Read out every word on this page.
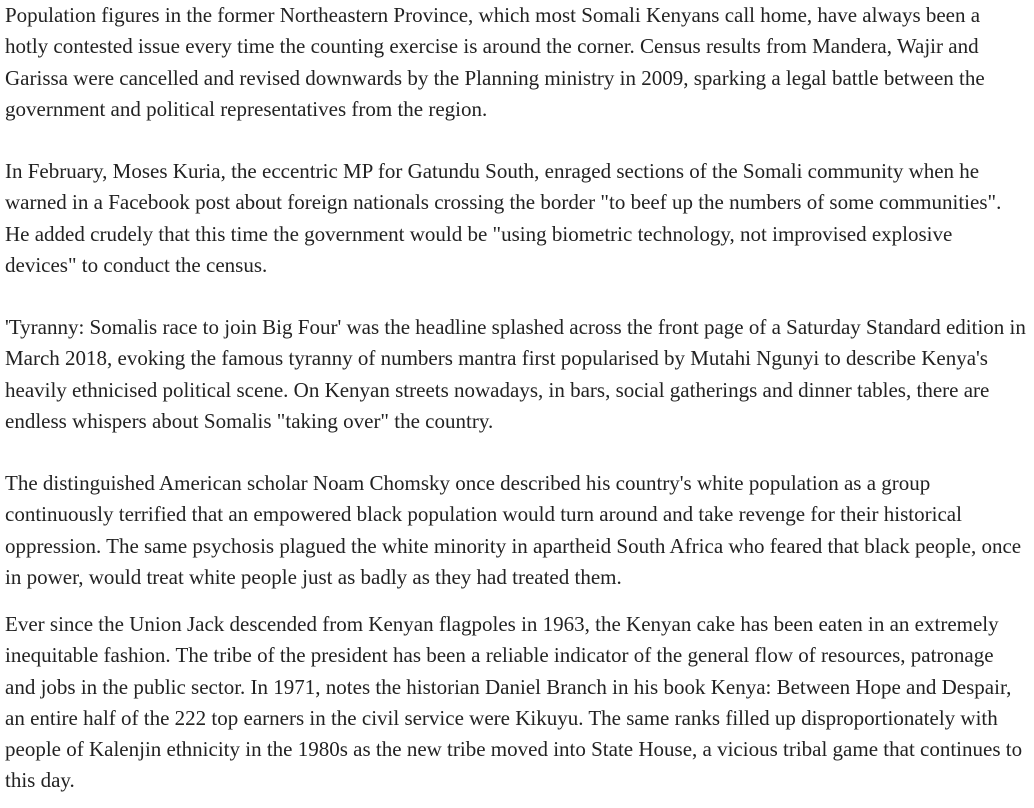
Population figures in the former Northeastern Province, which most Somali Kenyans call home, have always been a hotly contested issue every time the counting exercise is around the corner. Census results from Mandera, Wajir and Garissa were cancelled and revised downwards by the Planning ministry in 2009, sparking a legal battle between the government and political representatives from the region.

In February, Moses Kuria, the eccentric MP for Gatundu South, enraged sections of the Somali community when he warned in a Facebook post about foreign nationals crossing the border "to beef up the numbers of some communities". He added crudely that this time the government would be "using biometric technology, not improvised explosive devices" to conduct the census.

'Tyranny: Somalis race to join Big Four' was the headline splashed across the front page of a Saturday Standard edition in March 2018, evoking the famous tyranny of numbers mantra first popularised by Mutahi Ngunyi to describe Kenya's heavily ethnicised political scene. On Kenyan streets nowadays, in bars, social gatherings and dinner tables, there are endless whispers about Somalis "taking over" the country.

The distinguished American scholar Noam Chomsky once described his country's white population as a group continuously terrified that an empowered black population would turn around and take revenge for their historical oppression. The same psychosis plagued the white minority in apartheid South Africa who feared that black people, once in power, would treat white people just as badly as they had treated them.

Ever since the Union Jack descended from Kenyan flagpoles in 1963, the Kenyan cake has been eaten in an extremely inequitable fashion. The tribe of the president has been a reliable indicator of the general flow of resources, patronage and jobs in the public sector. In 1971, notes the historian Daniel Branch in his book Kenya: Between Hope and Despair, an entire half of the 222 top earners in the civil service were Kikuyu. The same ranks filled up disproportionately with people of Kalenjin ethnicity in the 1980s as the new tribe moved into State House, a vicious tribal game that continues to this day.
